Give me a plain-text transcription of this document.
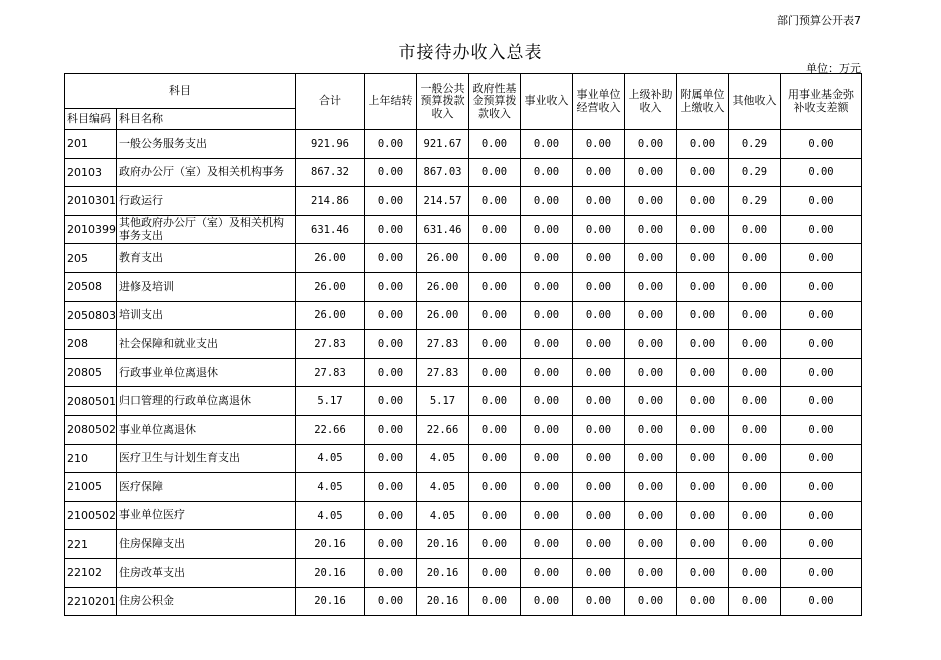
部门预算公开表7
市接待办收入总表
单位：万元
科目		合计	上年结转	一般公共预算拨款收入	政府性基金预算拨款收入	事业收入	事业单位经营收入	上级补助收入	附属单位上缴收入	其他收入	用事业基金弥补收支差额
科目编码	科目名称										
201	一般公务服务支出	921.96	0.00	921.67	0.00	0.00	0.00	0.00	0.00	0.29	0.00
20103	政府办公厅（室）及相关机构事务	867.32	0.00	867.03	0.00	0.00	0.00	0.00	0.00	0.29	0.00
2010301	行政运行	214.86	0.00	214.57	0.00	0.00	0.00	0.00	0.00	0.29	0.00
2010399	其他政府办公厅（室）及相关机构事务支出	631.46	0.00	631.46	0.00	0.00	0.00	0.00	0.00	0.00	0.00
205	教育支出	26.00	0.00	26.00	0.00	0.00	0.00	0.00	0.00	0.00	0.00
20508	进修及培训	26.00	0.00	26.00	0.00	0.00	0.00	0.00	0.00	0.00	0.00
2050803	培训支出	26.00	0.00	26.00	0.00	0.00	0.00	0.00	0.00	0.00	0.00
208	社会保障和就业支出	27.83	0.00	27.83	0.00	0.00	0.00	0.00	0.00	0.00	0.00
20805	行政事业单位离退休	27.83	0.00	27.83	0.00	0.00	0.00	0.00	0.00	0.00	0.00
2080501	归口管理的行政单位离退休	5.17	0.00	5.17	0.00	0.00	0.00	0.00	0.00	0.00	0.00
2080502	事业单位离退休	22.66	0.00	22.66	0.00	0.00	0.00	0.00	0.00	0.00	0.00
210	医疗卫生与计划生育支出	4.05	0.00	4.05	0.00	0.00	0.00	0.00	0.00	0.00	0.00
21005	医疗保障	4.05	0.00	4.05	0.00	0.00	0.00	0.00	0.00	0.00	0.00
2100502	事业单位医疗	4.05	0.00	4.05	0.00	0.00	0.00	0.00	0.00	0.00	0.00
221	住房保障支出	20.16	0.00	20.16	0.00	0.00	0.00	0.00	0.00	0.00	0.00
22102	住房改革支出	20.16	0.00	20.16	0.00	0.00	0.00	0.00	0.00	0.00	0.00
2210201	住房公积金	20.16	0.00	20.16	0.00	0.00	0.00	0.00	0.00	0.00	0.00
